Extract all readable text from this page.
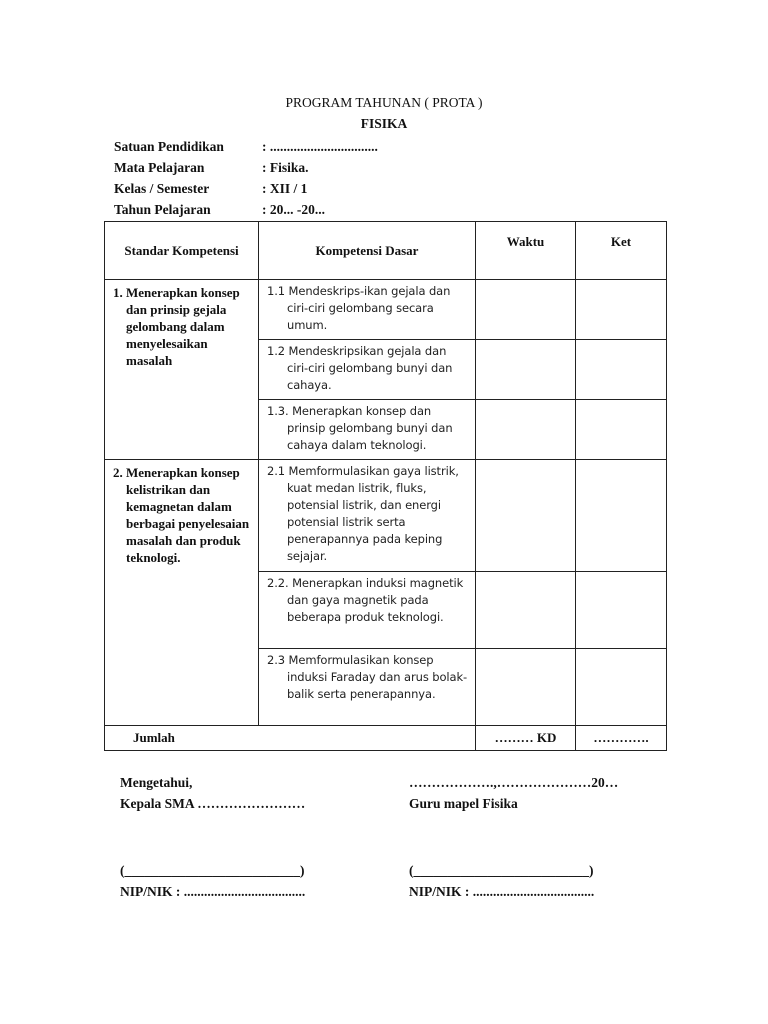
PROGRAM TAHUNAN ( PROTA )
FISIKA
Satuan Pendidikan	: ................................
Mata Pelajaran	: Fisika.
Kelas / Semester	: XII / 1
Tahun Pelajaran	: 20... -20...
Standar Kompetensi	Kompetensi Dasar	Waktu	Ket

1. Menerapkan konsep dan prinsip gejala gelombang dalam menyelesaikan masalah	1.1 Mendeskrips-ikan gejala dan ciri-ciri gelombang secara umum.		

	1.2 Mendeskripsikan gejala dan ciri-ciri gelombang bunyi dan cahaya.		

	1.3. Menerapkan konsep dan prinsip gelombang bunyi dan cahaya dalam teknologi.		

2. Menerapkan konsep kelistrikan dan kemagnetan dalam berbagai penyelesaian masalah dan produk teknologi.	2.1 Memformulasikan gaya listrik, kuat medan listrik, fluks, potensial listrik, dan energi potensial listrik serta penerapannya pada keping sejajar.		

	2.2. Menerapkan induksi magnetik dan gaya magnetik pada beberapa produk teknologi.		

	2.3 Memformulasikan konsep induksi Faraday dan arus bolak-balik serta penerapannya.		

Jumlah		……… KD	………….
Mengetahui,
Kepala SMA ……………………
(__________________________)
NIP/NIK : ....................................
……………….,…………………20…
Guru mapel Fisika
(__________________________)
NIP/NIK : ....................................
